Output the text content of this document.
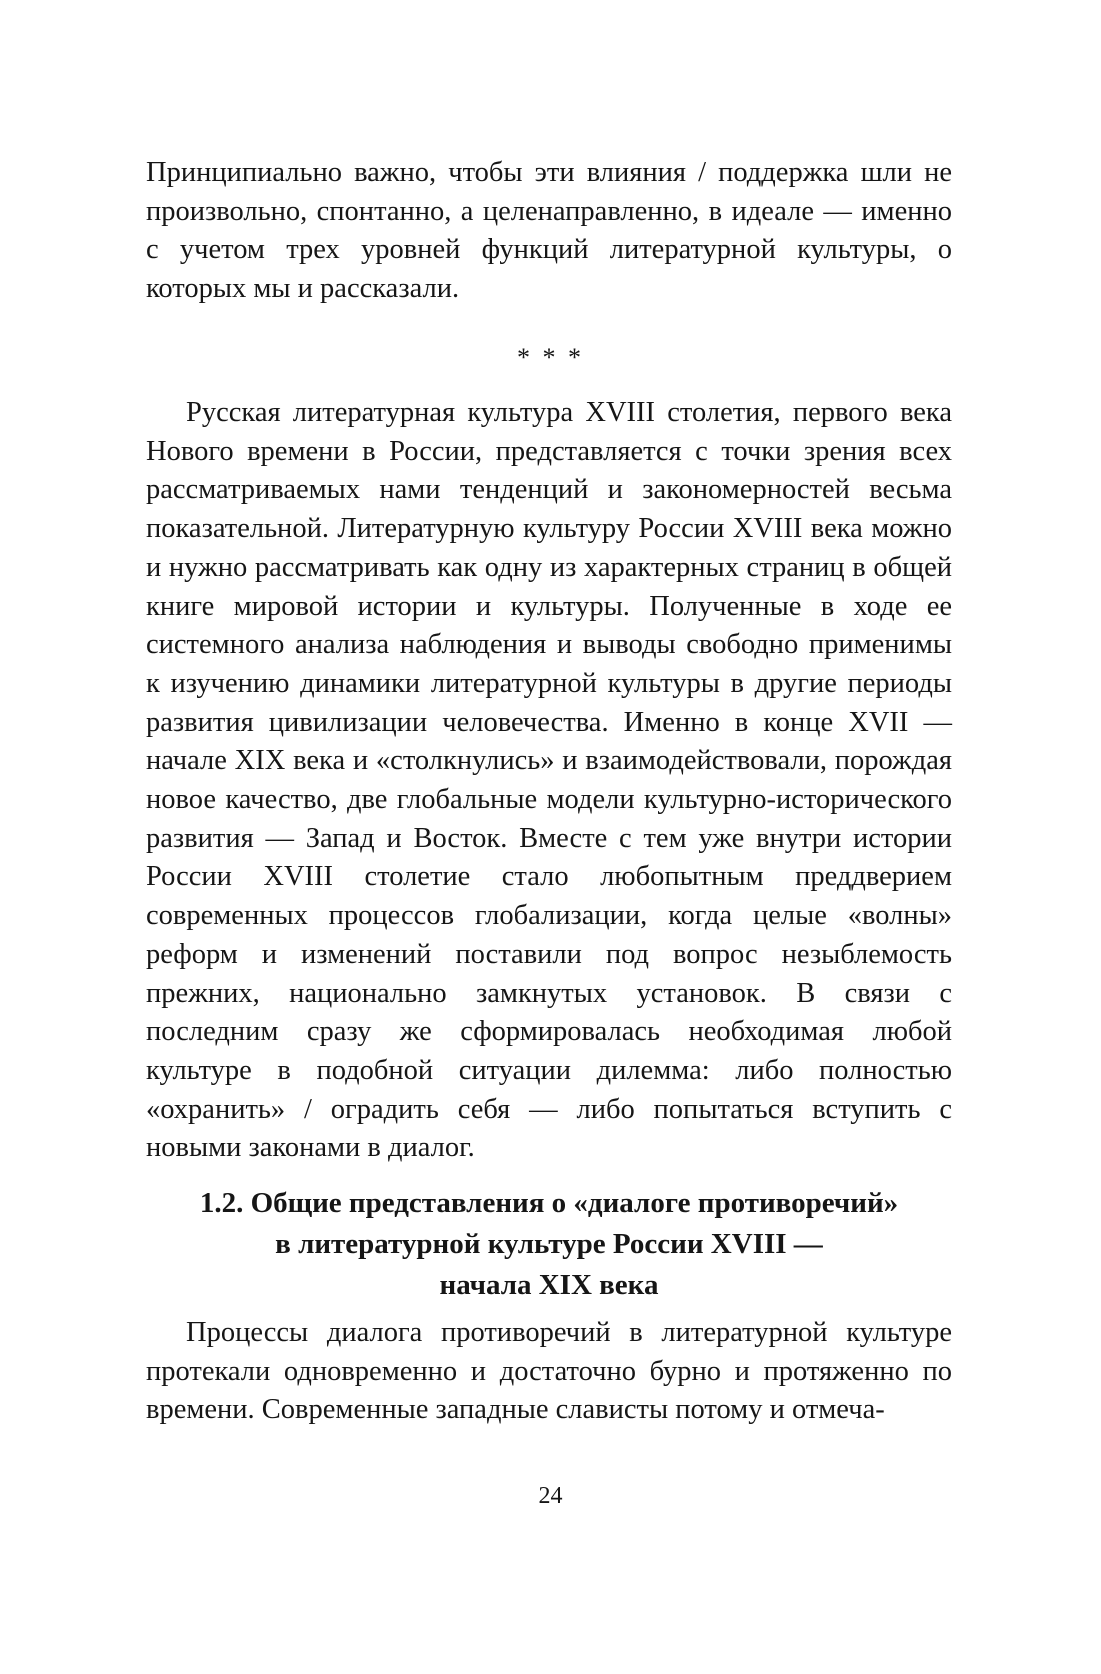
Принципиально важно, чтобы эти влияния / поддержка шли не произвольно, спонтанно, а целенаправленно, в идеале — именно с учетом трех уровней функций литературной культуры, о которых мы и рассказали.

* * *

Русская литературная культура XVIII столетия, первого века Нового времени в России, представляется с точки зрения всех рассматриваемых нами тенденций и закономерностей весьма показательной. Литературную культуру России XVIII века можно и нужно рассматривать как одну из характерных страниц в общей книге мировой истории и культуры. Полученные в ходе ее системного анализа наблюдения и выводы свободно применимы к изучению динамики литературной культуры в другие периоды развития цивилизации человечества. Именно в конце XVII — начале XIX века и «столкнулись» и взаимодействовали, порождая новое качество, две глобальные модели культурно-исторического развития — Запад и Восток. Вместе с тем уже внутри истории России XVIII столетие стало любопытным преддверием современных процессов глобализации, когда целые «волны» реформ и изменений поставили под вопрос незыблемость прежних, национально замкнутых установок. В связи с последним сразу же сформировалась необходимая любой культуре в подобной ситуации дилемма: либо полностью «охранить» / оградить себя — либо попытаться вступить с новыми законами в диалог.

1.2. Общие представления о «диалоге противоречий»
в литературной культуре России XVIII —
начала XIX века

Процессы диалога противоречий в литературной культуре протекали одновременно и достаточно бурно и протяженно по времени. Современные западные слависты потому и отмеча-

24
